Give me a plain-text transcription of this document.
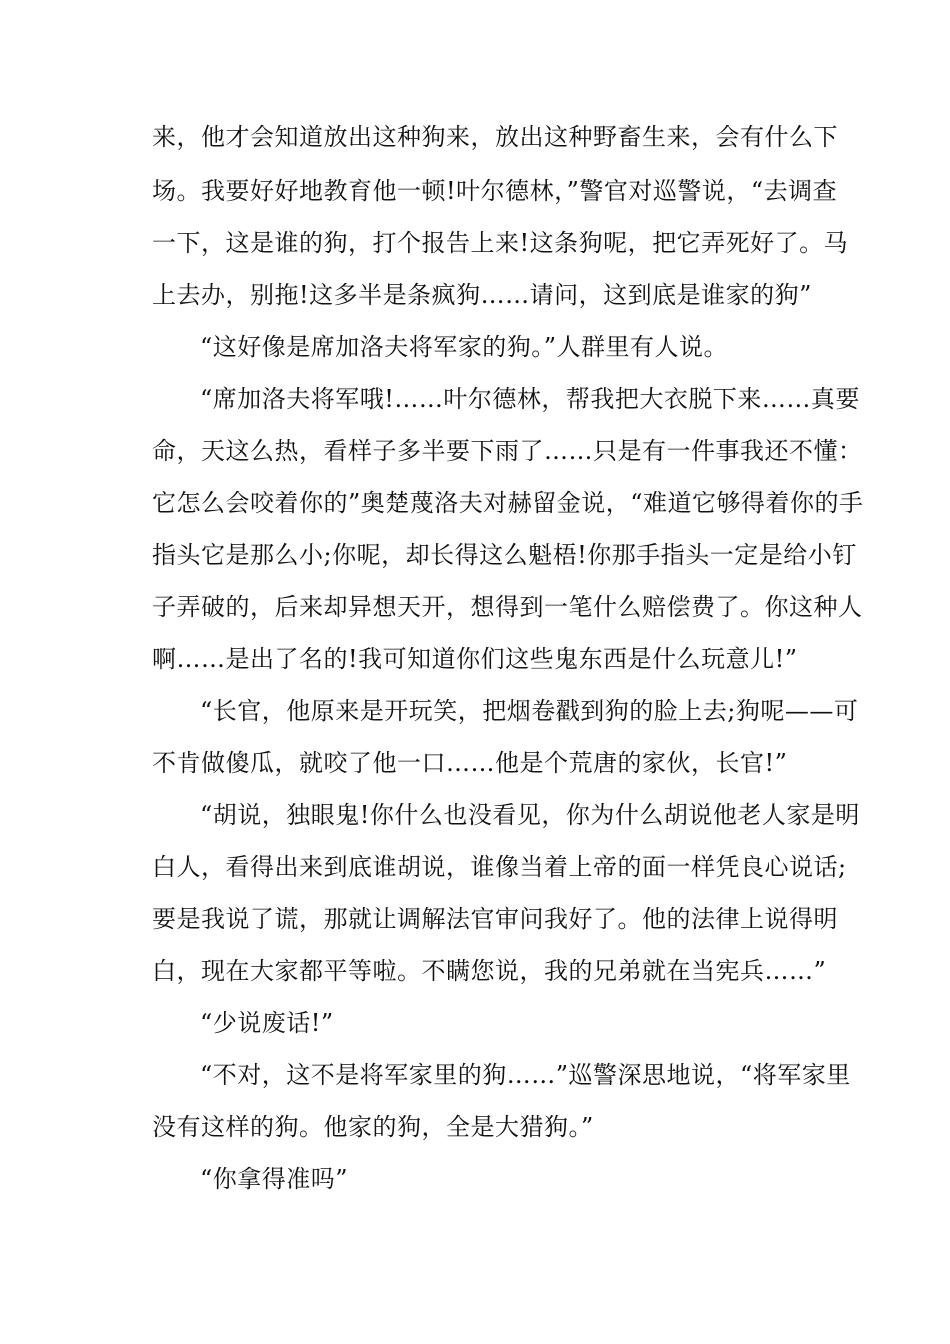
来，他才会知道放出这种狗来，放出这种野畜生来，会有什么下
场。我要好好地教育他一顿!叶尔德林，”警官对巡警说，“去调查
一下，这是谁的狗，打个报告上来!这条狗呢，把它弄死好了。马
上去办，别拖!这多半是条疯狗……请问，这到底是谁家的狗”
“这好像是席加洛夫将军家的狗。”人群里有人说。
“席加洛夫将军哦!……叶尔德林，帮我把大衣脱下来……真要
命，天这么热，看样子多半要下雨了……只是有一件事我还不懂：
它怎么会咬着你的”奥楚蔑洛夫对赫留金说，“难道它够得着你的手
指头它是那么小;你呢，却长得这么魁梧!你那手指头一定是给小钉
子弄破的，后来却异想天开，想得到一笔什么赔偿费了。你这种人
啊……是出了名的!我可知道你们这些鬼东西是什么玩意儿!”
“长官，他原来是开玩笑，把烟卷戳到狗的脸上去;狗呢——可
不肯做傻瓜，就咬了他一口……他是个荒唐的家伙，长官!”
“胡说，独眼鬼!你什么也没看见，你为什么胡说他老人家是明
白人，看得出来到底谁胡说，谁像当着上帝的面一样凭良心说话;
要是我说了谎，那就让调解法官审问我好了。他的法律上说得明
白，现在大家都平等啦。不瞒您说，我的兄弟就在当宪兵……”
“少说废话!”
“不对，这不是将军家里的狗……”巡警深思地说，“将军家里
没有这样的狗。他家的狗，全是大猎狗。”
“你拿得准吗”
